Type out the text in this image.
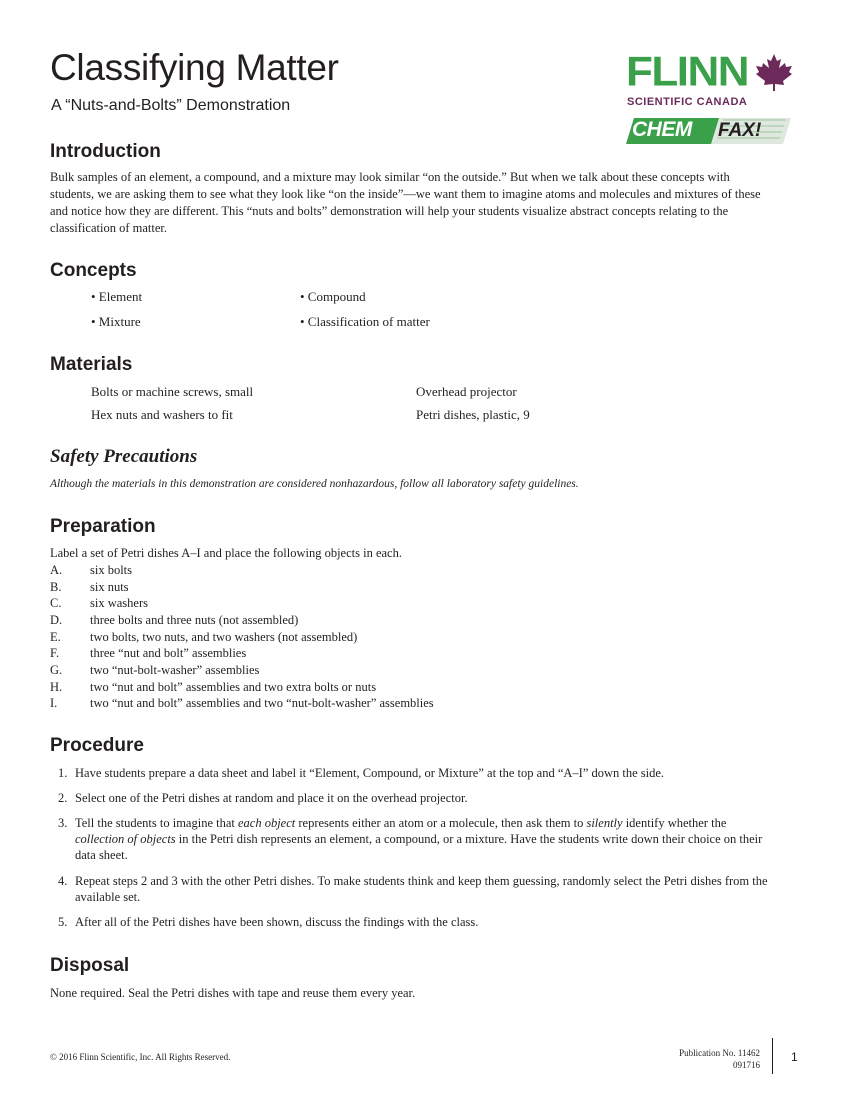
Classifying Matter
A “Nuts-and-Bolts” Demonstration
FLINN
SCIENTIFIC CANADA
CHEM FAX!
Introduction

Bulk samples of an element, a compound, and a mixture may look similar “on the outside.” But when we talk about these concepts with students, we are asking them to see what they look like “on the inside”—we want them to imagine atoms and molecules and mixtures of these and notice how they are different. This “nuts and bolts” demonstration will help your students visualize abstract concepts relating to the classification of matter.

Concepts
• Element	• Compound
• Mixture	• Classification of matter
Materials
Bolts or machine screws, small	Overhead projector
Hex nuts and washers to fit	Petri dishes, plastic, 9
Safety Precautions

Although the materials in this demonstration are considered nonhazardous, follow all laboratory safety guidelines.

Preparation
Label a set of Petri dishes A–I and place the following objects in each.
A. six bolts
B. six nuts
C. six washers
D. three bolts and three nuts (not assembled)
E. two bolts, two nuts, and two washers (not assembled)
F. three “nut and bolt” assemblies
G. two “nut-bolt-washer” assemblies
H. two “nut and bolt” assemblies and two extra bolts or nuts
I.	two “nut and bolt” assemblies and two “nut-bolt-washer” assemblies
Procedure
1. Have students prepare a data sheet and label it “Element, Compound, or Mixture” at the top and “A–I” down the side.
2. Select one of the Petri dishes at random and place it on the overhead projector.
3. Tell the students to imagine that each object represents either an atom or a molecule, then ask them to silently identify whether the collection of objects in the Petri dish represents an element, a compound, or a mixture. Have the students write down their choice on their data sheet.
4. Repeat steps 2 and 3 with the other Petri dishes. To make students think and keep them guessing, randomly select the Petri dishes from the available set.
5. After all of the Petri dishes have been shown, discuss the findings with the class.
Disposal

None required. Seal the Petri dishes with tape and reuse them every year.

© 2016 Flinn Scientific, Inc. All Rights Reserved.	Publication No. 11462
091716
1
